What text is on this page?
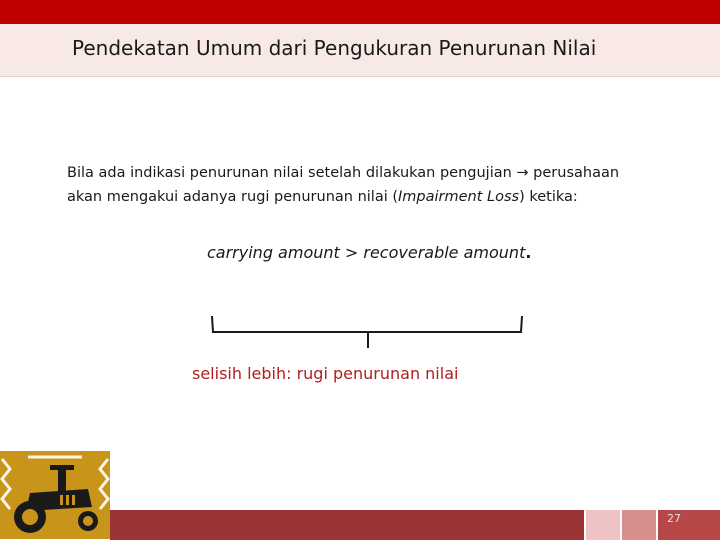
Pendekatan Umum dari Pengukuran Penurunan Nilai
Bila ada indikasi penurunan nilai setelah dilakukan pengujian → perusahaan
akan mengakui adanya rugi penurunan nilai (Impairment Loss) ketika:
carrying amount > recoverable amount.
selisih lebih: rugi penurunan nilai
27
